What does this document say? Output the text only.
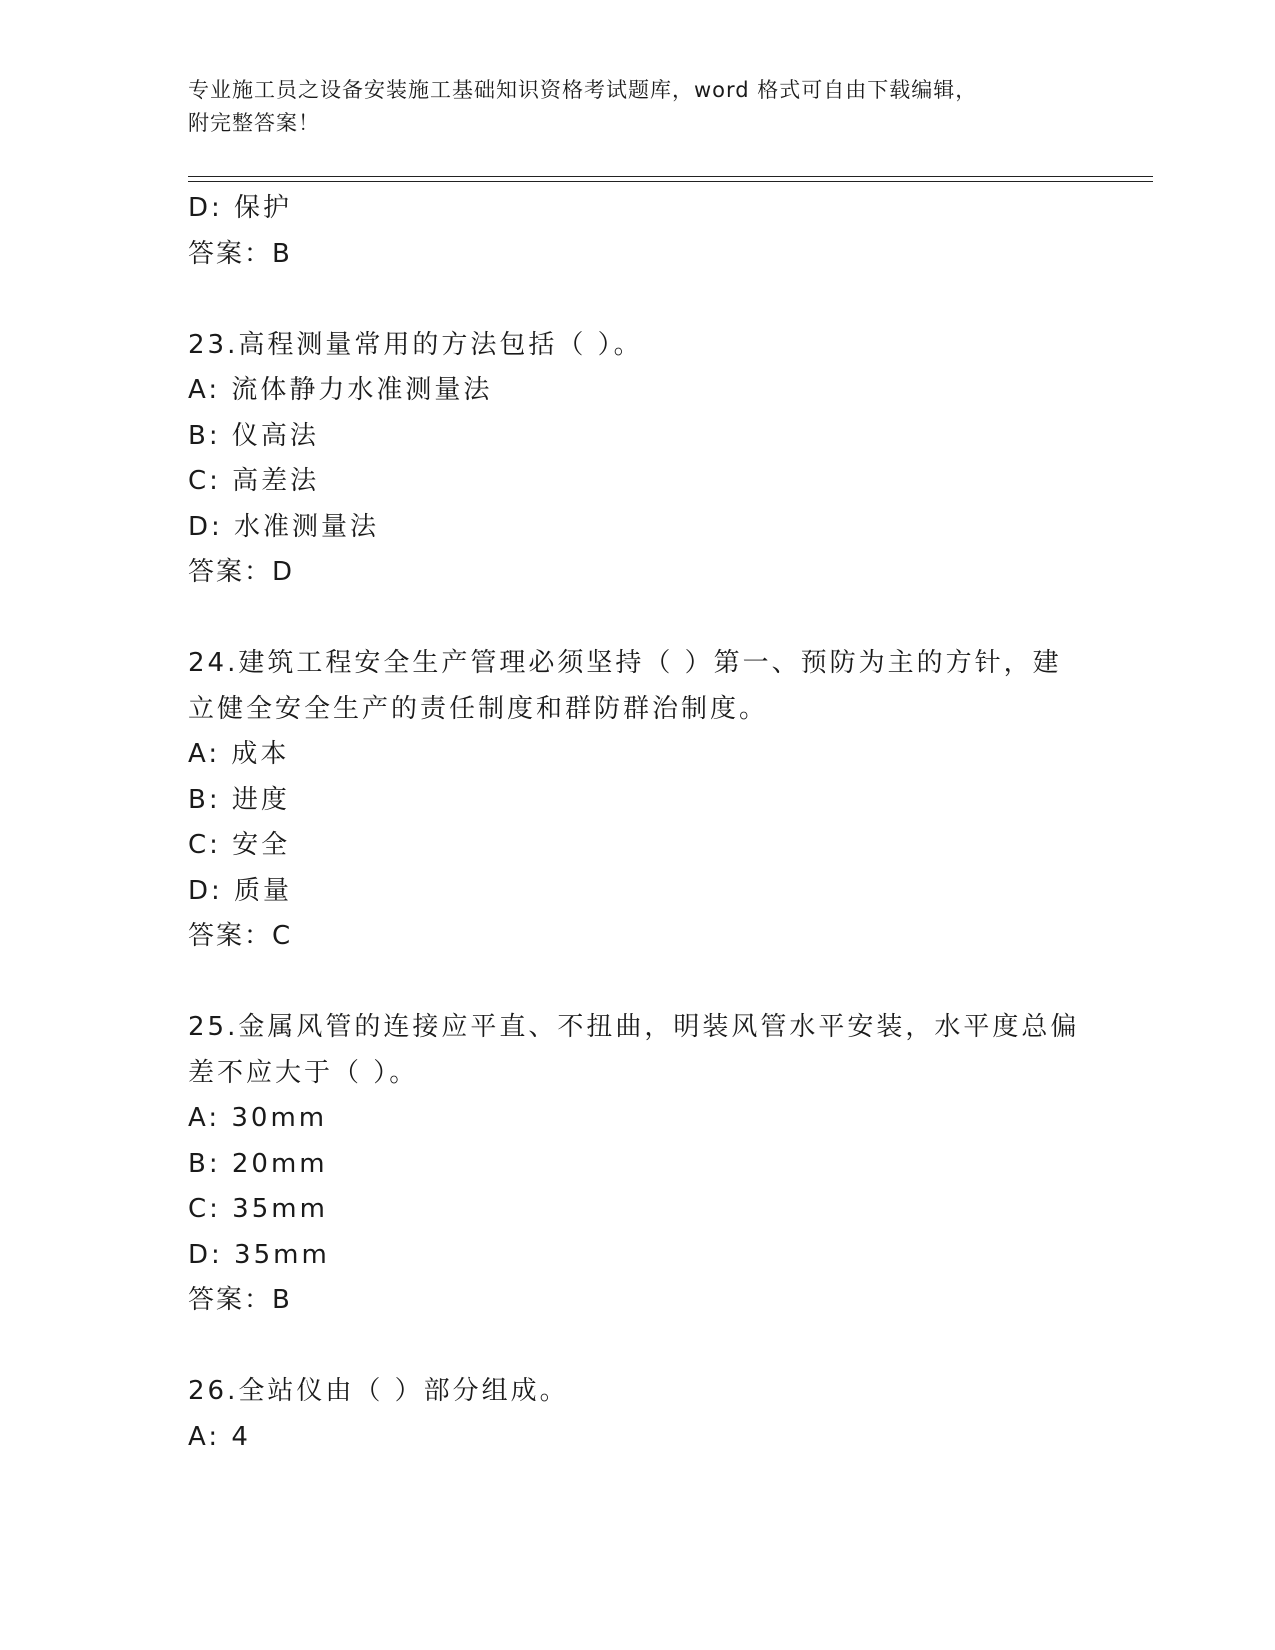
专业施工员之设备安装施工基础知识资格考试题库，word 格式可自由下载编辑，
附完整答案！
D: 保护
答案：B
23.高程测量常用的方法包括（ ）。
A: 流体静力水准测量法
B: 仪高法
C: 高差法
D: 水准测量法
答案：D
24.建筑工程安全生产管理必须坚持（ ）第一、预防为主的方针，建
立健全安全生产的责任制度和群防群治制度。
A: 成本
B: 进度
C: 安全
D: 质量
答案：C
25.金属风管的连接应平直、不扭曲，明装风管水平安装，水平度总偏
差不应大于（ ）。
A: 30mm
B: 20mm
C: 35mm
D: 35mm
答案：B
26.全站仪由（ ）部分组成。
A: 4
